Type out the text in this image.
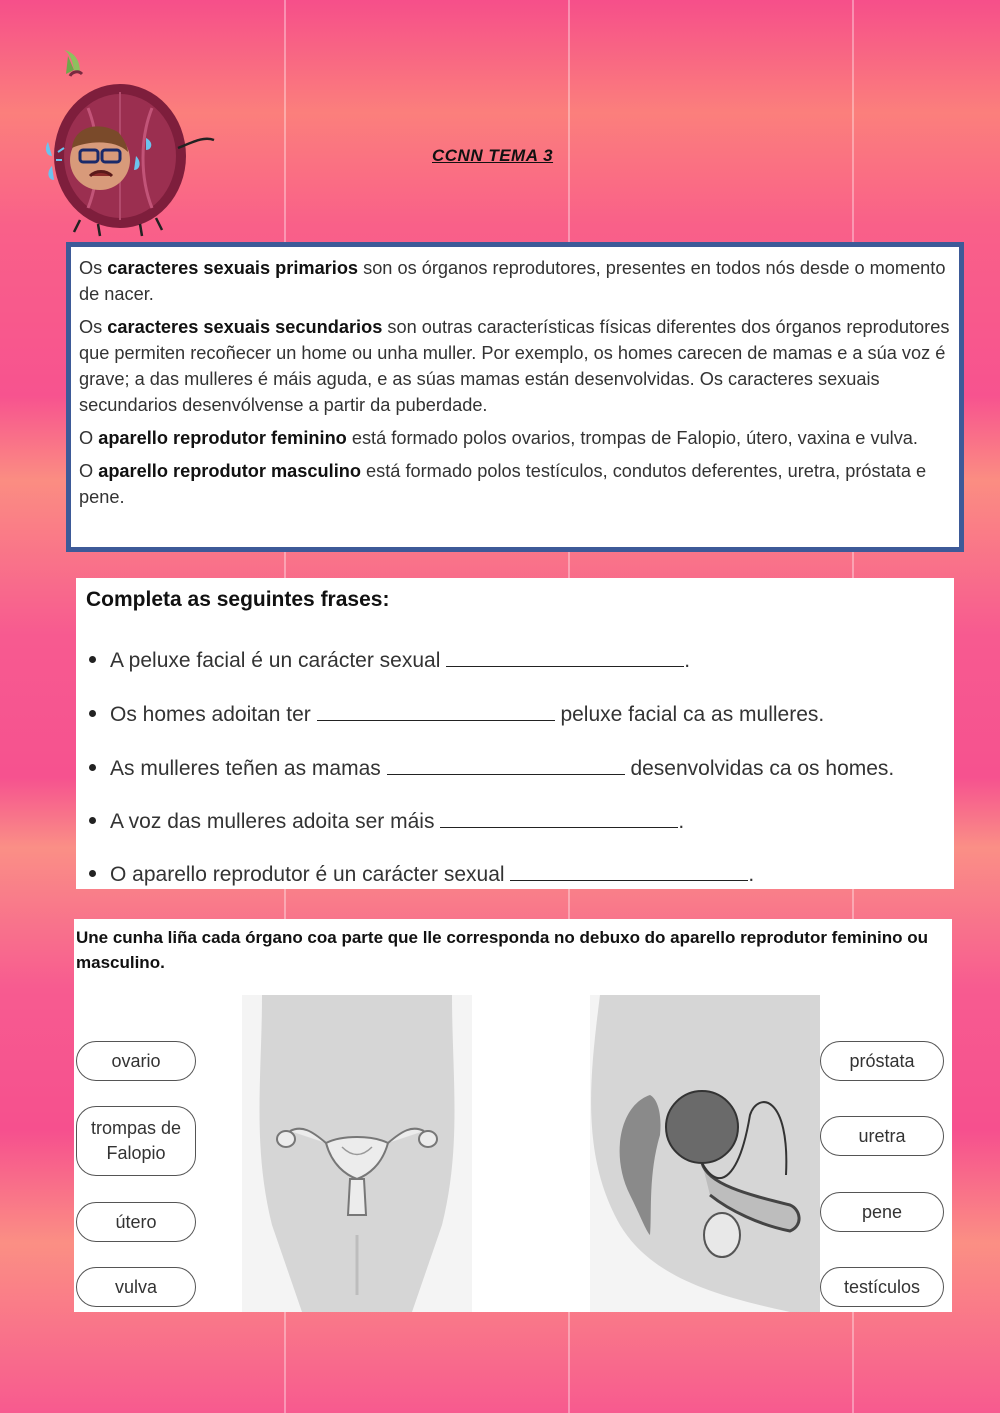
CCNN TEMA 3

Os caracteres sexuais primarios son os órganos reprodutores, presentes en todos nós desde o momento de nacer.

Os caracteres sexuais secundarios son outras características físicas diferentes dos órganos reprodutores que permiten recoñecer un home ou unha muller. Por exemplo, os homes carecen de mamas e a súa voz é grave; a das mulleres é máis aguda, e as súas mamas están desenvolvidas. Os caracteres sexuais secundarios desenvólvense a partir da puberdade.

O aparello reprodutor feminino está formado polos ovarios, trompas de Falopio, útero, vaxina e vulva.

O aparello reprodutor masculino está formado polos testículos, condutos deferentes, uretra, próstata e pene.

Completa as seguintes frases:
A peluxe facial é un carácter sexual	.
Os homes adoitan ter	peluxe facial ca as mulleres.
As mulleres teñen as mamas	desenvolvidas ca os homes.
A voz das mulleres adoita ser máis	.
O aparello reprodutor é un carácter sexual	.
Une cunha liña cada órgano coa parte que lle corresponda no debuxo do aparello reprodutor feminino ou masculino.
ovario
trompas de Falopio
útero
vulva
próstata
uretra
pene
testículos
